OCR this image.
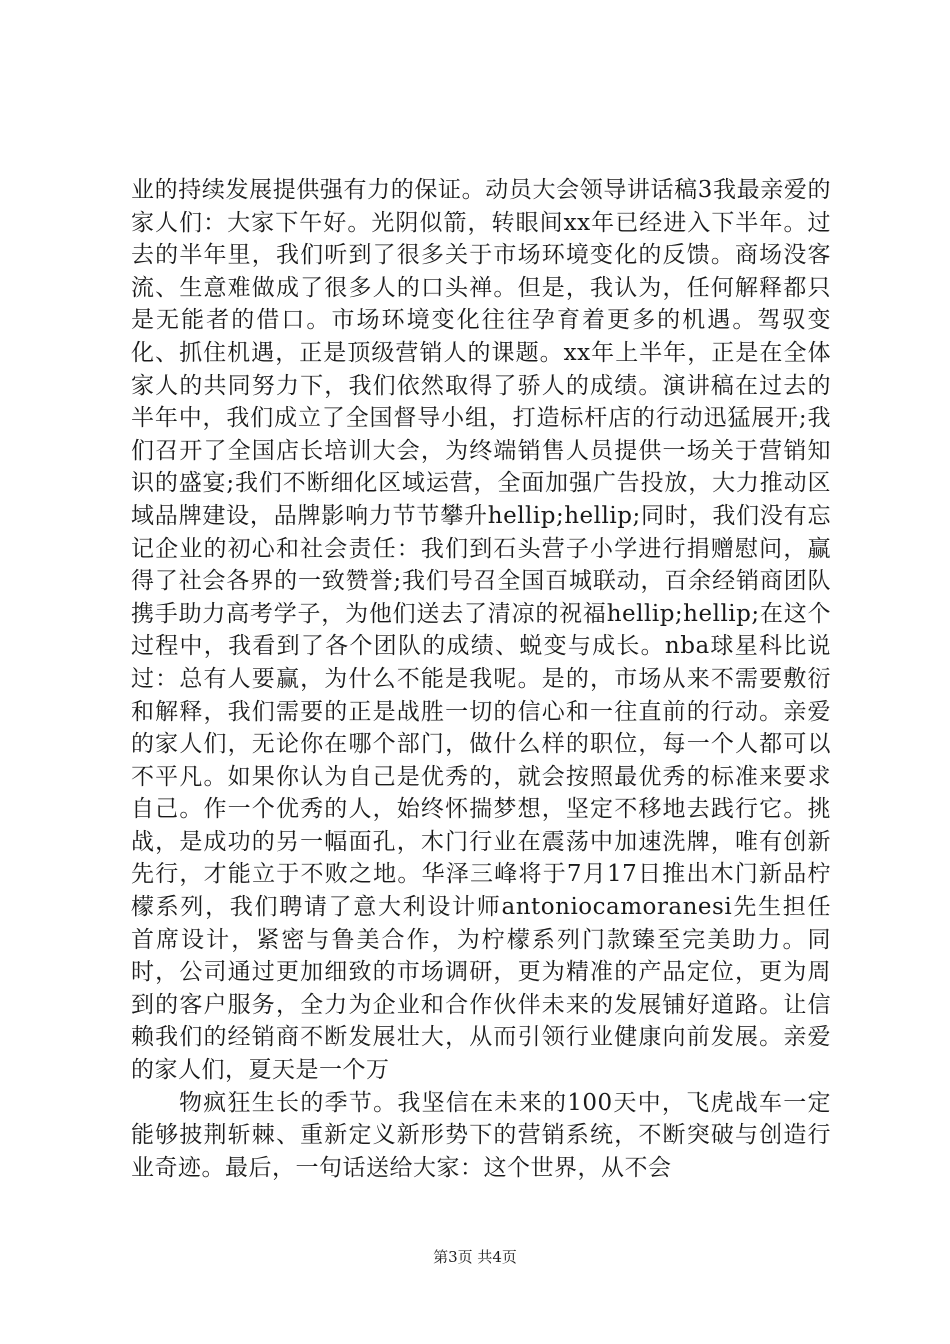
业的持续发展提供强有力的保证。动员大会领导讲话稿3我最亲爱的家人们：大家下午好。光阴似箭，转眼间xx年已经进入下半年。过去的半年里，我们听到了很多关于市场环境变化的反馈。商场没客流、生意难做成了很多人的口头禅。但是，我认为，任何解释都只是无能者的借口。市场环境变化往往孕育着更多的机遇。驾驭变化、抓住机遇，正是顶级营销人的课题。xx年上半年，正是在全体家人的共同努力下，我们依然取得了骄人的成绩。演讲稿在过去的半年中，我们成立了全国督导小组，打造标杆店的行动迅猛展开;我们召开了全国店长培训大会，为终端销售人员提供一场关于营销知识的盛宴;我们不断细化区域运营，全面加强广告投放，大力推动区域品牌建设，品牌影响力节节攀升hellip;hellip;同时，我们没有忘记企业的初心和社会责任：我们到石头营子小学进行捐赠慰问，赢得了社会各界的一致赞誉;我们号召全国百城联动，百余经销商团队携手助力高考学子，为他们送去了清凉的祝福hellip;hellip;在这个过程中，我看到了各个团队的成绩、蜕变与成长。nba球星科比说过：总有人要赢，为什么不能是我呢。是的，市场从来不需要敷衍和解释，我们需要的正是战胜一切的信心和一往直前的行动。亲爱的家人们，无论你在哪个部门，做什么样的职位，每一个人都可以不平凡。如果你认为自己是优秀的，就会按照最优秀的标准来要求自己。作一个优秀的人，始终怀揣梦想，坚定不移地去践行它。挑战，是成功的另一幅面孔，木门行业在震荡中加速洗牌，唯有创新先行，才能立于不败之地。华泽三峰将于7月17日推出木门新品柠檬系列，我们聘请了意大利设计师antoniocamoranesi先生担任首席设计，紧密与鲁美合作，为柠檬系列门款臻至完美助力。同时，公司通过更加细致的市场调研，更为精准的产品定位，更为周到的客户服务，全力为企业和合作伙伴未来的发展铺好道路。让信赖我们的经销商不断发展壮大，从而引领行业健康向前发展。亲爱的家人们，夏天是一个万

物疯狂生长的季节。我坚信在未来的100天中，飞虎战车一定能够披荆斩棘、重新定义新形势下的营销系统，不断突破与创造行业奇迹。最后，一句话送给大家：这个世界，从不会

第3页 共4页
